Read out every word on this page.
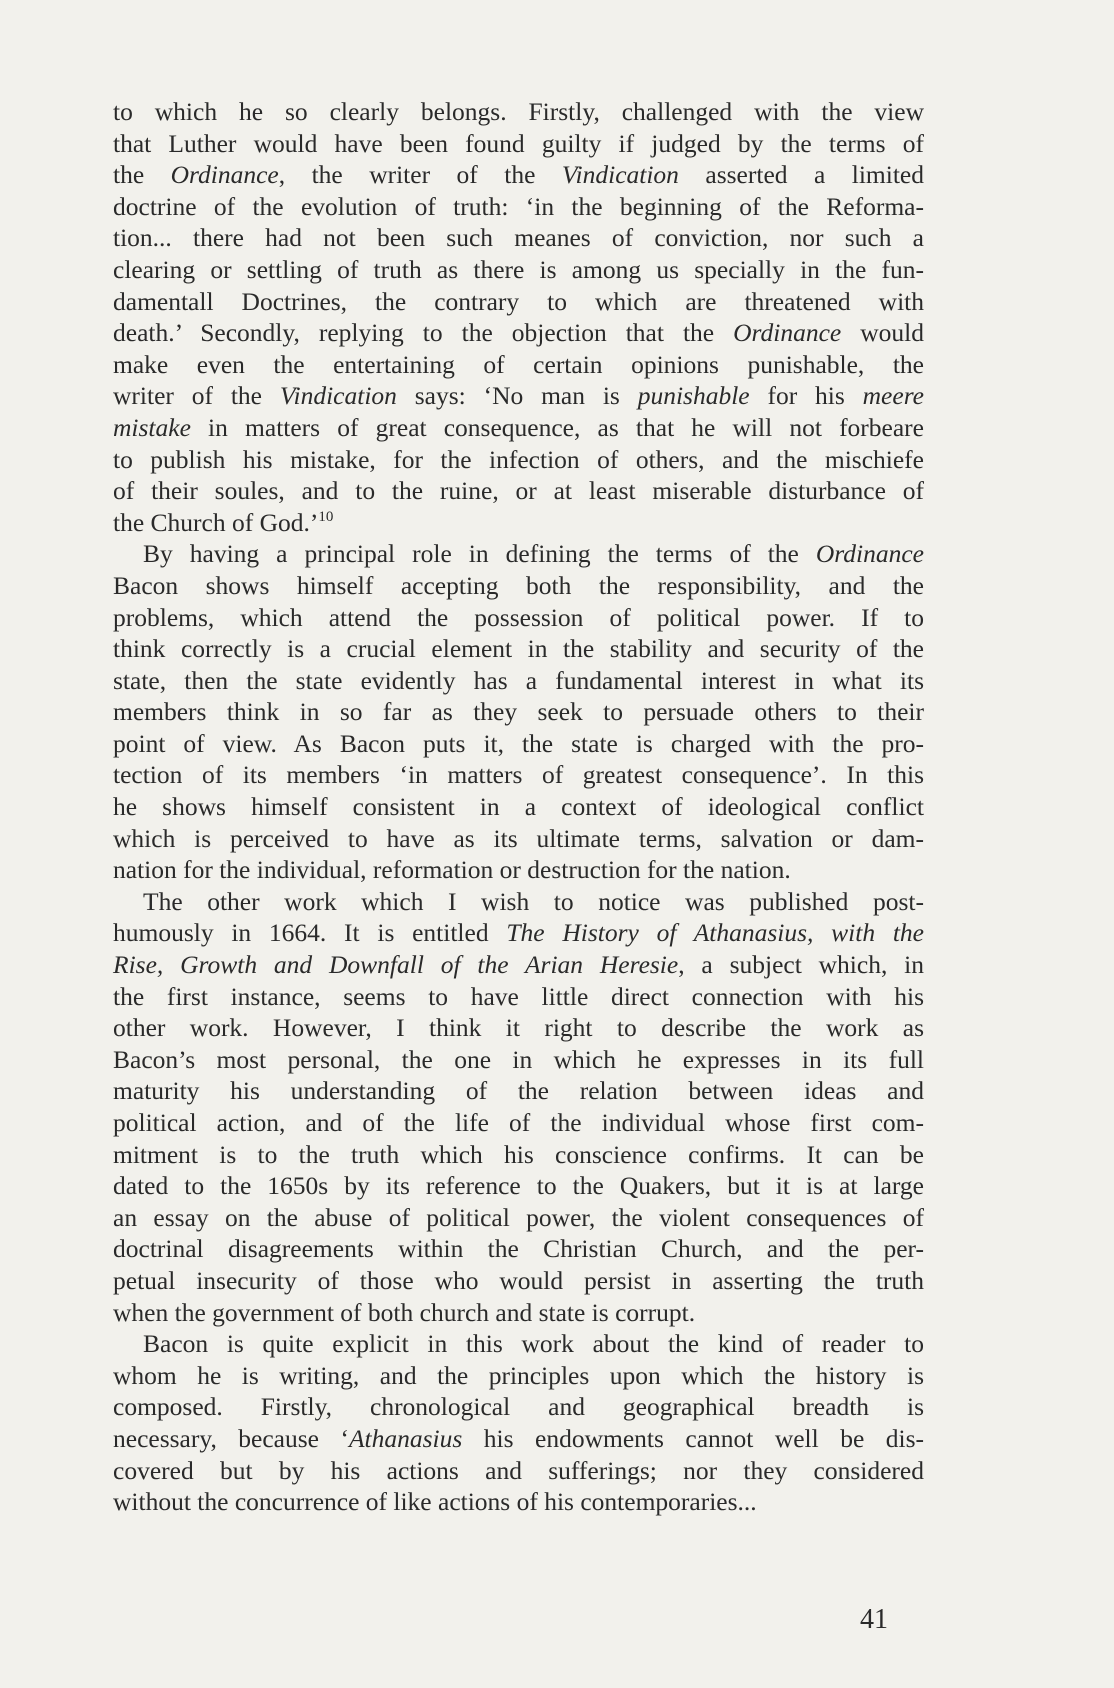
to which he so clearly belongs. Firstly, challenged with the view
that Luther would have been found guilty if judged by the terms of
the Ordinance, the writer of the Vindication asserted a limited
doctrine of the evolution of truth: ‘in the beginning of the Reforma-
tion... there had not been such meanes of conviction, nor such a
clearing or settling of truth as there is among us specially in the fun-
damentall Doctrines, the contrary to which are threatened with
death.’ Secondly, replying to the objection that the Ordinance would
make even the entertaining of certain opinions punishable, the
writer of the Vindication says: ‘No man is punishable for his meere
mistake in matters of great consequence, as that he will not forbeare
to publish his mistake, for the infection of others, and the mischiefe
of their soules, and to the ruine, or at least miserable disturbance of
the Church of God.’$^{10}$
By having a principal role in defining the terms of the Ordinance
Bacon shows himself accepting both the responsibility, and the
problems, which attend the possession of political power. If to
think correctly is a crucial element in the stability and security of the
state, then the state evidently has a fundamental interest in what its
members think in so far as they seek to persuade others to their
point of view. As Bacon puts it, the state is charged with the pro-
tection of its members ‘in matters of greatest consequence’. In this
he shows himself consistent in a context of ideological conflict
which is perceived to have as its ultimate terms, salvation or dam-
nation for the individual, reformation or destruction for the nation.
The other work which I wish to notice was published post-
humously in 1664. It is entitled The History of Athanasius, with the
Rise, Growth and Downfall of the Arian Heresie, a subject which, in
the first instance, seems to have little direct connection with his
other work. However, I think it right to describe the work as
Bacon’s most personal, the one in which he expresses in its full
maturity his understanding of the relation between ideas and
political action, and of the life of the individual whose first com-
mitment is to the truth which his conscience confirms. It can be
dated to the 1650s by its reference to the Quakers, but it is at large
an essay on the abuse of political power, the violent consequences of
doctrinal disagreements within the Christian Church, and the per-
petual insecurity of those who would persist in asserting the truth
when the government of both church and state is corrupt.
Bacon is quite explicit in this work about the kind of reader to
whom he is writing, and the principles upon which the history is
composed. Firstly, chronological and geographical breadth is
necessary, because ‘Athanasius his endowments cannot well be dis-
covered but by his actions and sufferings; nor they considered
without the concurrence of like actions of his contemporaries...
41
